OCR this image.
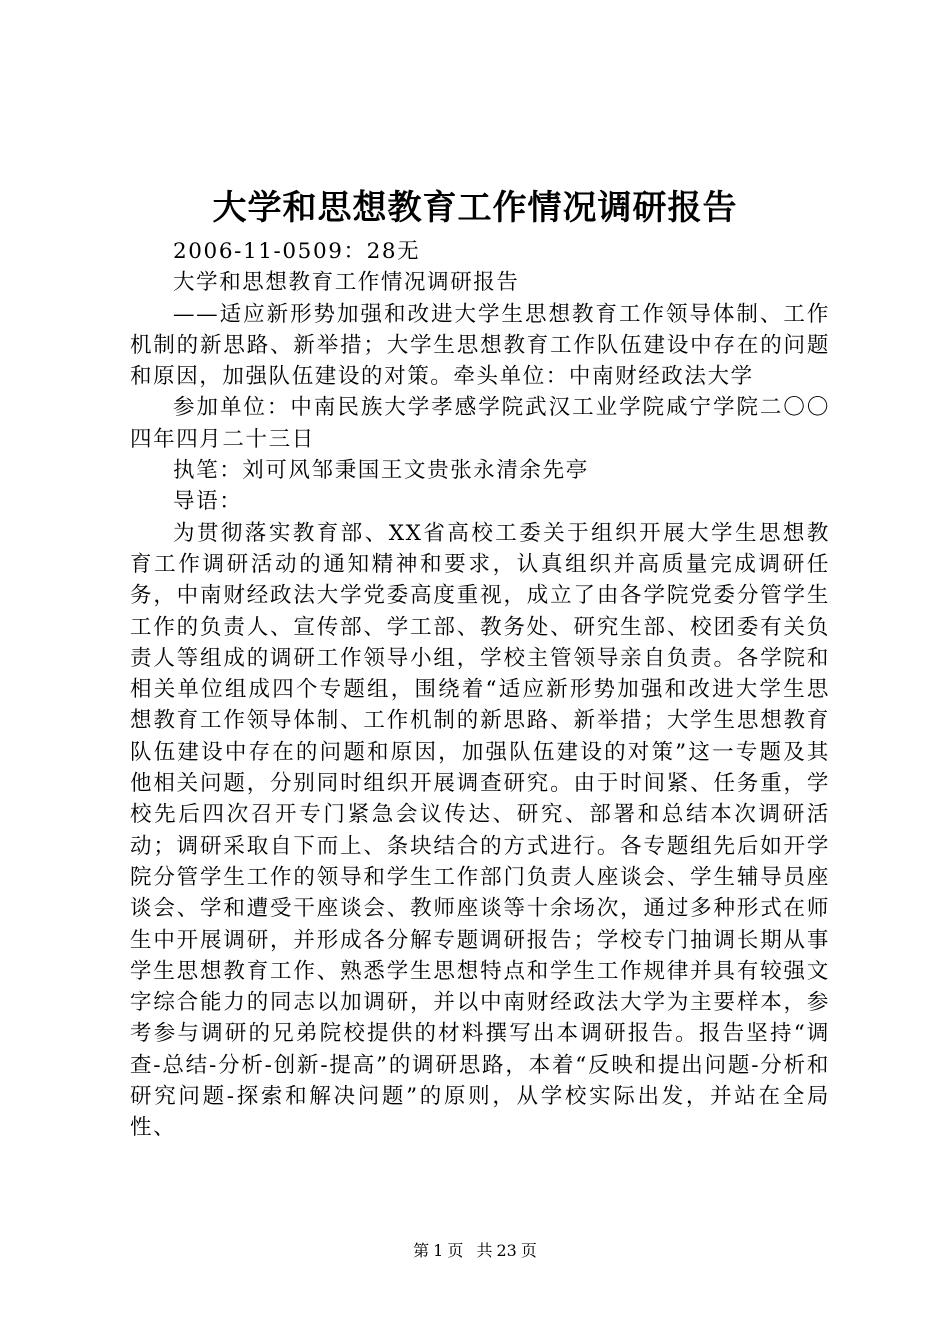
大学和思想教育工作情况调研报告

2006-11-0509：28无

大学和思想教育工作情况调研报告

——适应新形势加强和改进大学生思想教育工作领导体制、工作机制的新思路、新举措；大学生思想教育工作队伍建设中存在的问题和原因，加强队伍建设的对策。牵头单位：中南财经政法大学

参加单位：中南民族大学孝感学院武汉工业学院咸宁学院二〇〇四年四月二十三日

执笔：刘可风邹秉国王文贵张永清余先亭

导语：

为贯彻落实教育部、XX省高校工委关于组织开展大学生思想教育工作调研活动的通知精神和要求，认真组织并高质量完成调研任务，中南财经政法大学党委高度重视，成立了由各学院党委分管学生工作的负责人、宣传部、学工部、教务处、研究生部、校团委有关负责人等组成的调研工作领导小组，学校主管领导亲自负责。各学院和相关单位组成四个专题组，围绕着“适应新形势加强和改进大学生思想教育工作领导体制、工作机制的新思路、新举措；大学生思想教育队伍建设中存在的问题和原因，加强队伍建设的对策”这一专题及其他相关问题，分别同时组织开展调查研究。由于时间紧、任务重，学校先后四次召开专门紧急会议传达、研究、部署和总结本次调研活动；调研采取自下而上、条块结合的方式进行。各专题组先后如开学院分管学生工作的领导和学生工作部门负责人座谈会、学生辅导员座谈会、学和遭受干座谈会、教师座谈等十余场次，通过多种形式在师生中开展调研，并形成各分解专题调研报告；学校专门抽调长期从事学生思想教育工作、熟悉学生思想特点和学生工作规律并具有较强文字综合能力的同志以加调研，并以中南财经政法大学为主要样本，参考参与调研的兄弟院校提供的材料撰写出本调研报告。报告坚持“调查-总结-分析-创新-提高”的调研思路，本着“反映和提出问题-分析和研究问题-探索和解决问题”的原则，从学校实际出发，并站在全局性、

第 1 页 共 23 页
